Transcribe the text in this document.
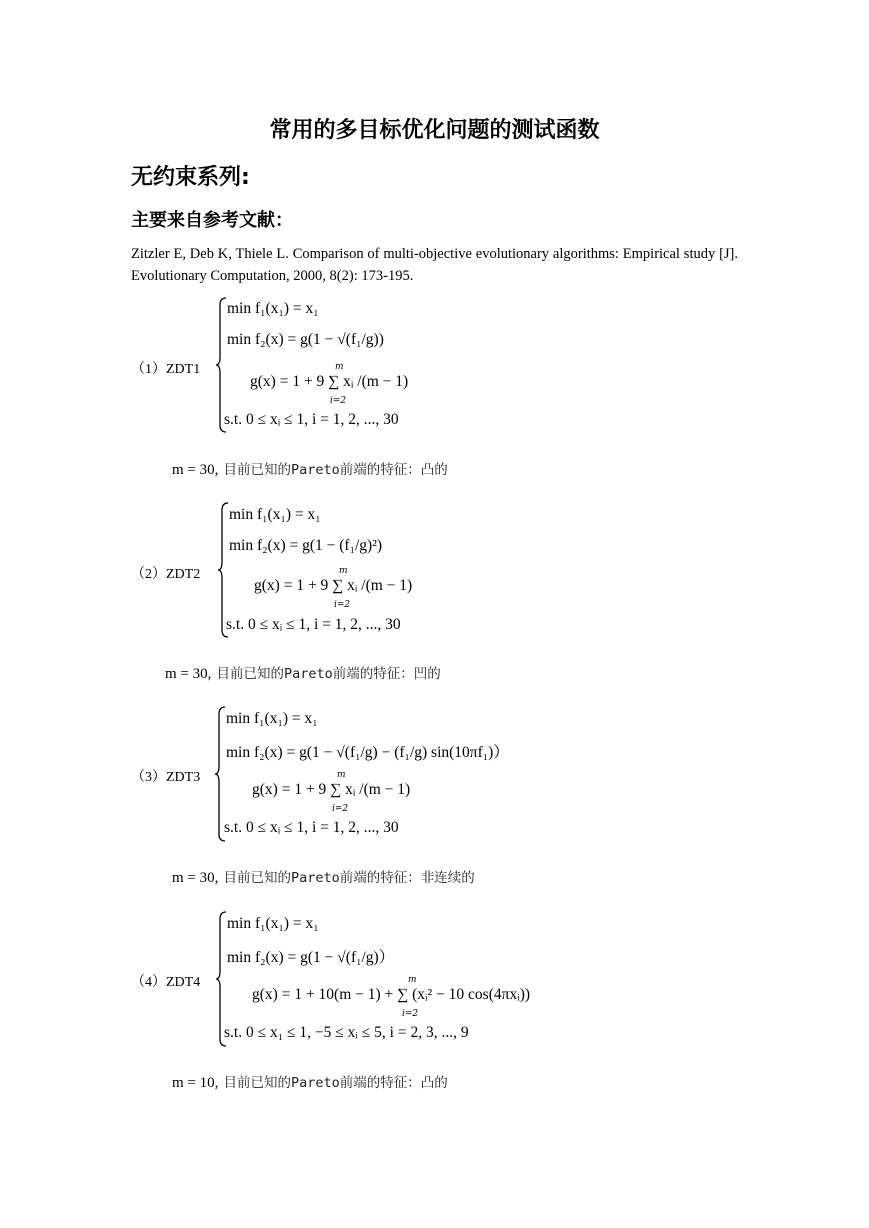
常用的多目标优化问题的测试函数
无约束系列:
主要来自参考文献：
Zitzler E, Deb K, Thiele L. Comparison of multi-objective evolutionary algorithms: Empirical study [J]. Evolutionary Computation, 2000, 8(2): 173-195.
（1）ZDT1
min f₁(x₁) = x₁
min f₂(x) = g(1 − √(f₁/g))
g(x) = 1 + 9 ∑ xᵢ /(m − 1)
m
i=2
s.t. 0 ≤ xᵢ ≤ 1, i = 1, 2, ..., 30
m = 30, 目前已知的Pareto前端的特征：凸的
（2）ZDT2
min f₁(x₁) = x₁
min f₂(x) = g(1 − (f₁/g)²)
g(x) = 1 + 9 ∑ xᵢ /(m − 1)
m
i=2
s.t. 0 ≤ xᵢ ≤ 1, i = 1, 2, ..., 30
m = 30, 目前已知的Pareto前端的特征：凹的
（3）ZDT3
min f₁(x₁) = x₁
min f₂(x) = g(1 − √(f₁/g) − (f₁/g) sin(10πf₁)）
g(x) = 1 + 9 ∑ xᵢ /(m − 1)
m
i=2
s.t. 0 ≤ xᵢ ≤ 1, i = 1, 2, ..., 30
m = 30, 目前已知的Pareto前端的特征：非连续的
（4）ZDT4
min f₁(x₁) = x₁
min f₂(x) = g(1 − √(f₁/g)）
g(x) = 1 + 10(m − 1) + ∑ (xᵢ² − 10 cos(4πxᵢ))
m
i=2
s.t. 0 ≤ x₁ ≤ 1, −5 ≤ xᵢ ≤ 5, i = 2, 3, ..., 9
m = 10, 目前已知的Pareto前端的特征：凸的
